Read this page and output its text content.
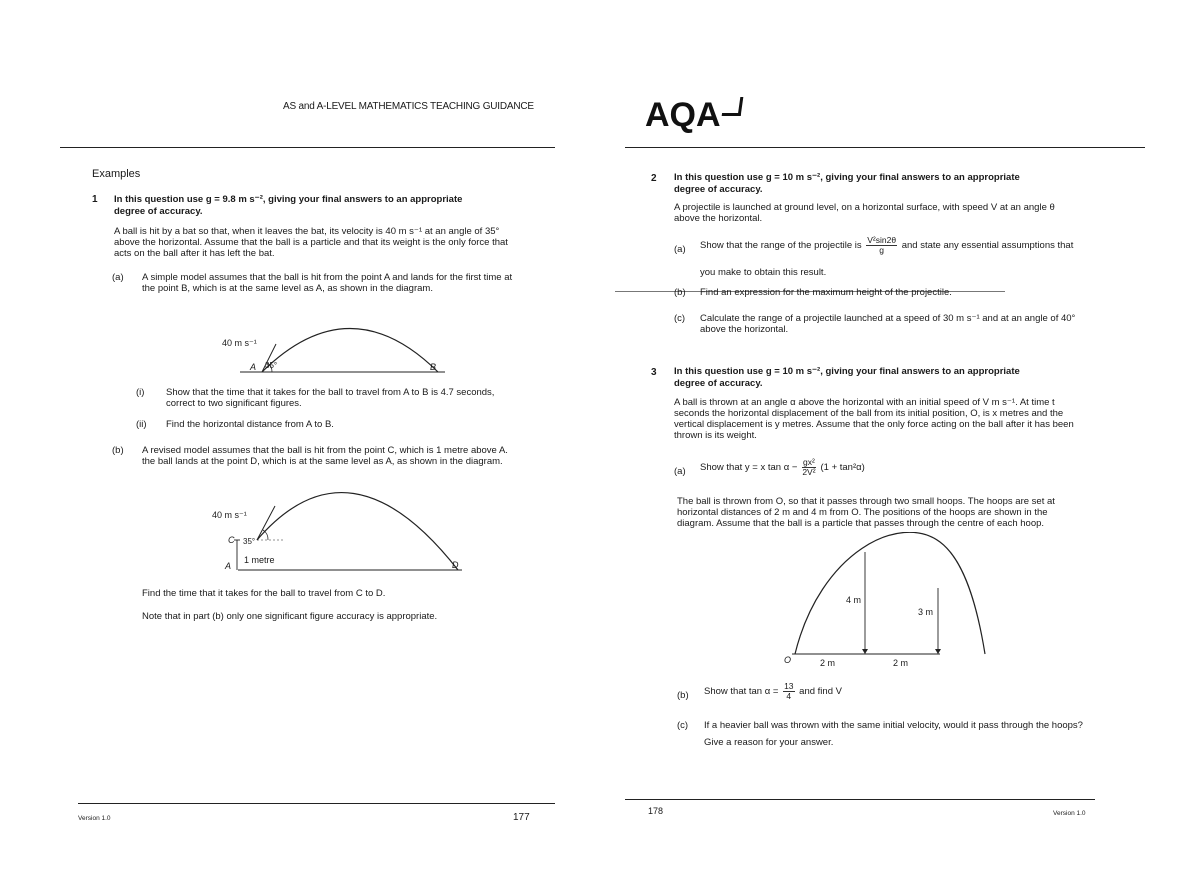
AS and A-LEVEL MATHEMATICS TEACHING GUIDANCE
Examples
1 In this question use g = 9.8 m s⁻², giving your final answers to an appropriate
degree of accuracy.
A ball is hit by a bat so that, when it leaves the bat, its velocity is 40 m s⁻¹ at an angle of 35°
above the horizontal. Assume that the ball is a particle and that its weight is the only force that
acts on the ball after it has left the bat.
(a) A simple model assumes that the ball is hit from the point A and lands for the first time at
the point B, which is at the same level as A, as shown in the diagram.
40 m s⁻¹
A 35°	B
(i) Show that the time that it takes for the ball to travel from A to B is 4.7 seconds,
correct to two significant figures.
(ii) Find the horizontal distance from A to B.
(b) A revised model assumes that the ball is hit from the point C, which is 1 metre above A.
the ball lands at the point D, which is at the same level as A, as shown in the diagram.
40 m s⁻¹
C 35°
A
1 metre	D
Find the time that it takes for the ball to travel from C to D.
Note that in part (b) only one significant figure accuracy is appropriate.
Version 1.0	177
AQA
2 In this question use g = 10 m s⁻², giving your final answers to an appropriate
degree of accuracy.
A projectile is launched at ground level, on a horizontal surface, with speed V at an angle θ
above the horizontal.
(a) Show that the range of the projectile is $\frac{\text{V²sin2θ}}{g}$ and state any essential assumptions that
you make to obtain this result.
(b) Find an expression for the maximum height of the projectile.
(c) Calculate the range of a projectile launched at a speed of 30 m s⁻¹ and at an angle of 40°
above the horizontal.
3 In this question use g = 10 m s⁻², giving your final answers to an appropriate
degree of accuracy.
A ball is thrown at an angle α above the horizontal with an initial speed of V m s⁻¹. At time t
seconds the horizontal displacement of the ball from its initial position, O, is x metres and the
vertical displacement is y metres. Assume that the only force acting on the ball after it has been
thrown is its weight.
(a) Show that y = x $\tan \alpha - \frac{\text{gx²}}{\text{2V²}} (1 + \tan^2\alpha)$
The ball is thrown from O, so that it passes through two small hoops. The hoops are set at
horizontal distances of 2 m and 4 m from O. The positions of the hoops are shown in the
diagram. Assume that the ball is a particle that passes through the centre of each hoop.
O
4 m
3 m
2 m	2 m
(b) Show that $\tan \alpha = \frac{13}{4}$ and find V
(c) If a heavier ball was thrown with the same initial velocity, would it pass through the hoops?
Give a reason for your answer.
178	Version 1.0
